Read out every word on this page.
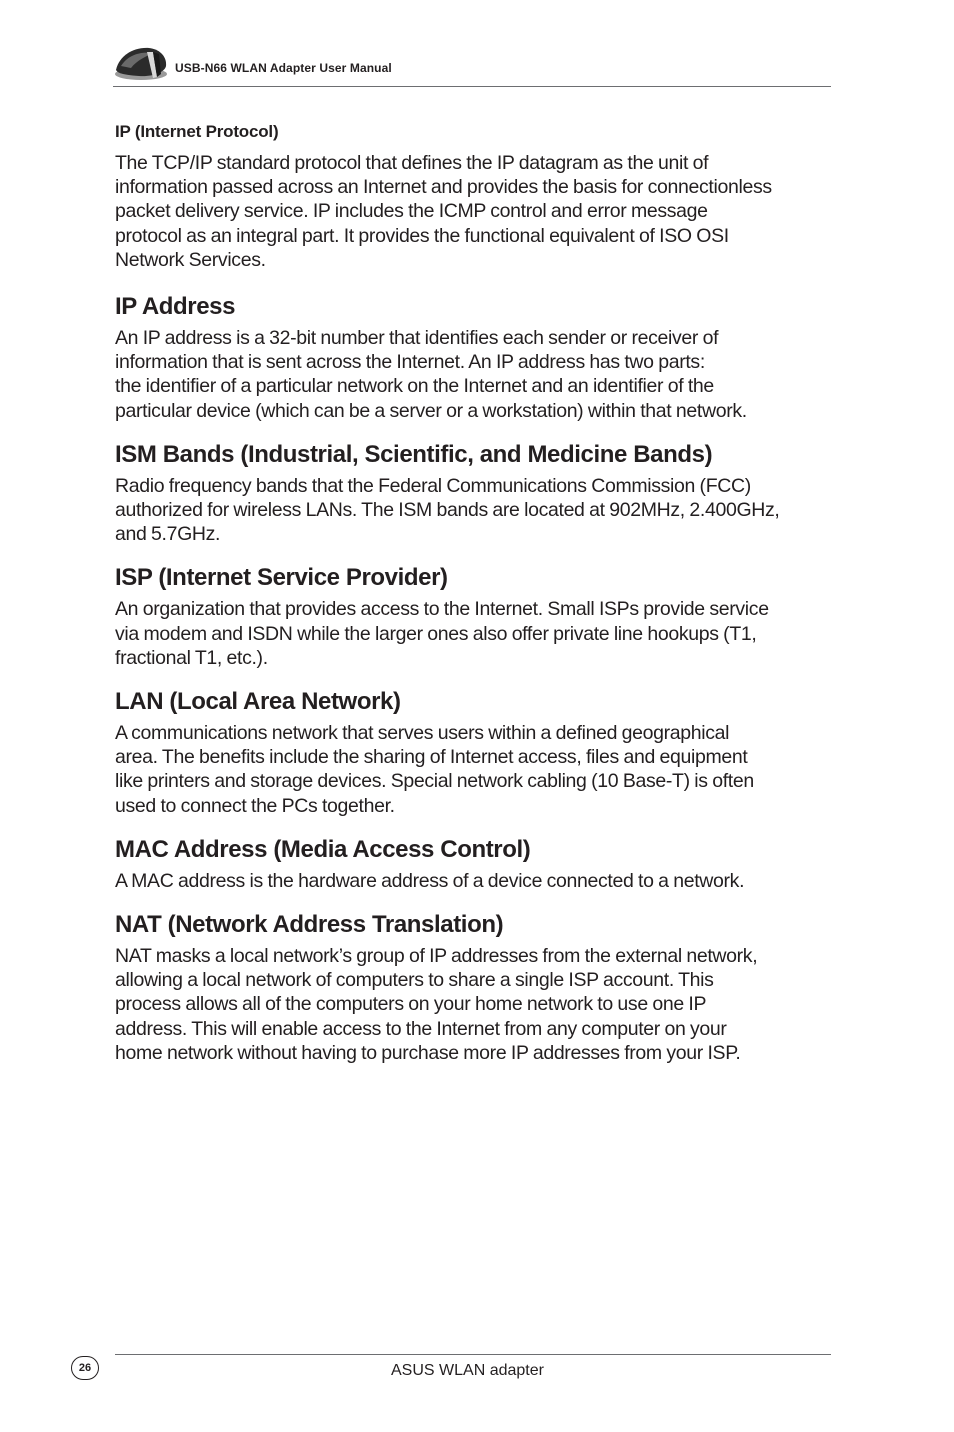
USB-N66 WLAN Adapter User Manual
IP (Internet Protocol)

The TCP/IP standard protocol that defines the IP datagram as the unit of
information passed across an Internet and provides the basis for connectionless
packet delivery service. IP includes the ICMP control and error message
protocol as an integral part. It provides the functional equivalent of ISO OSI
Network Services.

IP Address

An IP address is a 32-bit number that identifies each sender or receiver of
information that is sent across the Internet. An IP address has two parts:
the identifier of a particular network on the Internet and an identifier of the
particular device (which can be a server or a workstation) within that network.

ISM Bands (Industrial, Scientific, and Medicine Bands)

Radio frequency bands that the Federal Communications Commission (FCC)
authorized for wireless LANs. The ISM bands are located at 902MHz, 2.400GHz,
and 5.7GHz.

ISP (Internet Service Provider)

An organization that provides access to the Internet. Small ISPs provide service
via modem and ISDN while the larger ones also offer private line hookups (T1,
fractional T1, etc.).

LAN (Local Area Network)

A communications network that serves users within a defined geographical
area. The benefits include the sharing of Internet access, files and equipment
like printers and storage devices. Special network cabling (10 Base-T) is often
used to connect the PCs together.

MAC Address (Media Access Control)

A MAC address is the hardware address of a device connected to a network.

NAT (Network Address Translation)

NAT masks a local network’s group of IP addresses from the external network,
allowing a local network of computers to share a single ISP account. This
process allows all of the computers on your home network to use one IP
address. This will enable access to the Internet from any computer on your
home network without having to purchase more IP addresses from your ISP.

26	ASUS WLAN adapter
